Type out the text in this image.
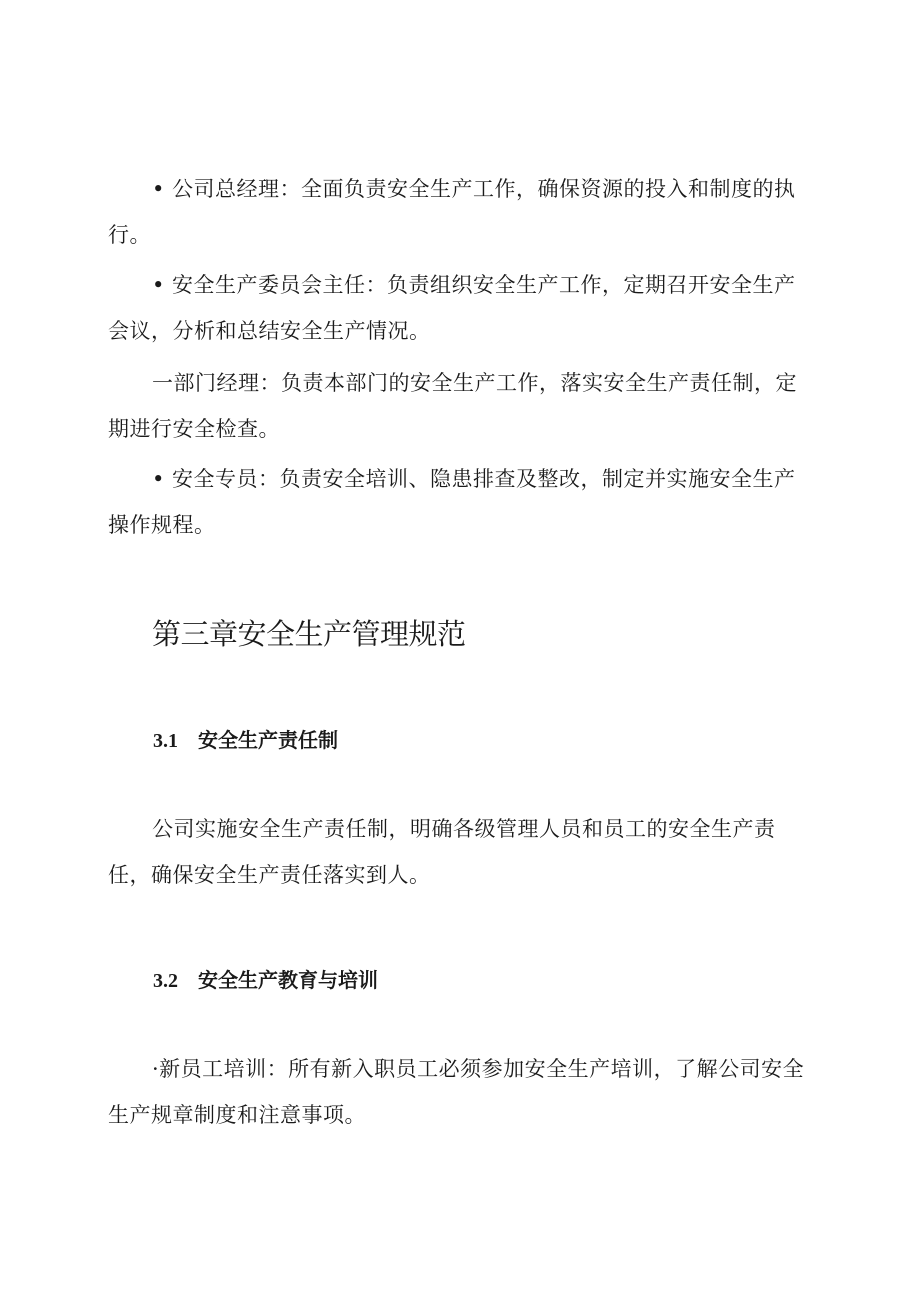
• 公司总经理：全面负责安全生产工作，确保资源的投入和制度的执行。

• 安全生产委员会主任：负责组织安全生产工作，定期召开安全生产会议，分析和总结安全生产情况。

一部门经理：负责本部门的安全生产工作，落实安全生产责任制，定期进行安全检查。

• 安全专员：负责安全培训、隐患排查及整改，制定并实施安全生产操作规程。

第三章安全生产管理规范
3.1 安全生产责任制

公司实施安全生产责任制，明确各级管理人员和员工的安全生产责任，确保安全生产责任落实到人。

3.2 安全生产教育与培训

·新员工培训：所有新入职员工必须参加安全生产培训，了解公司安全生产规章制度和注意事项。
